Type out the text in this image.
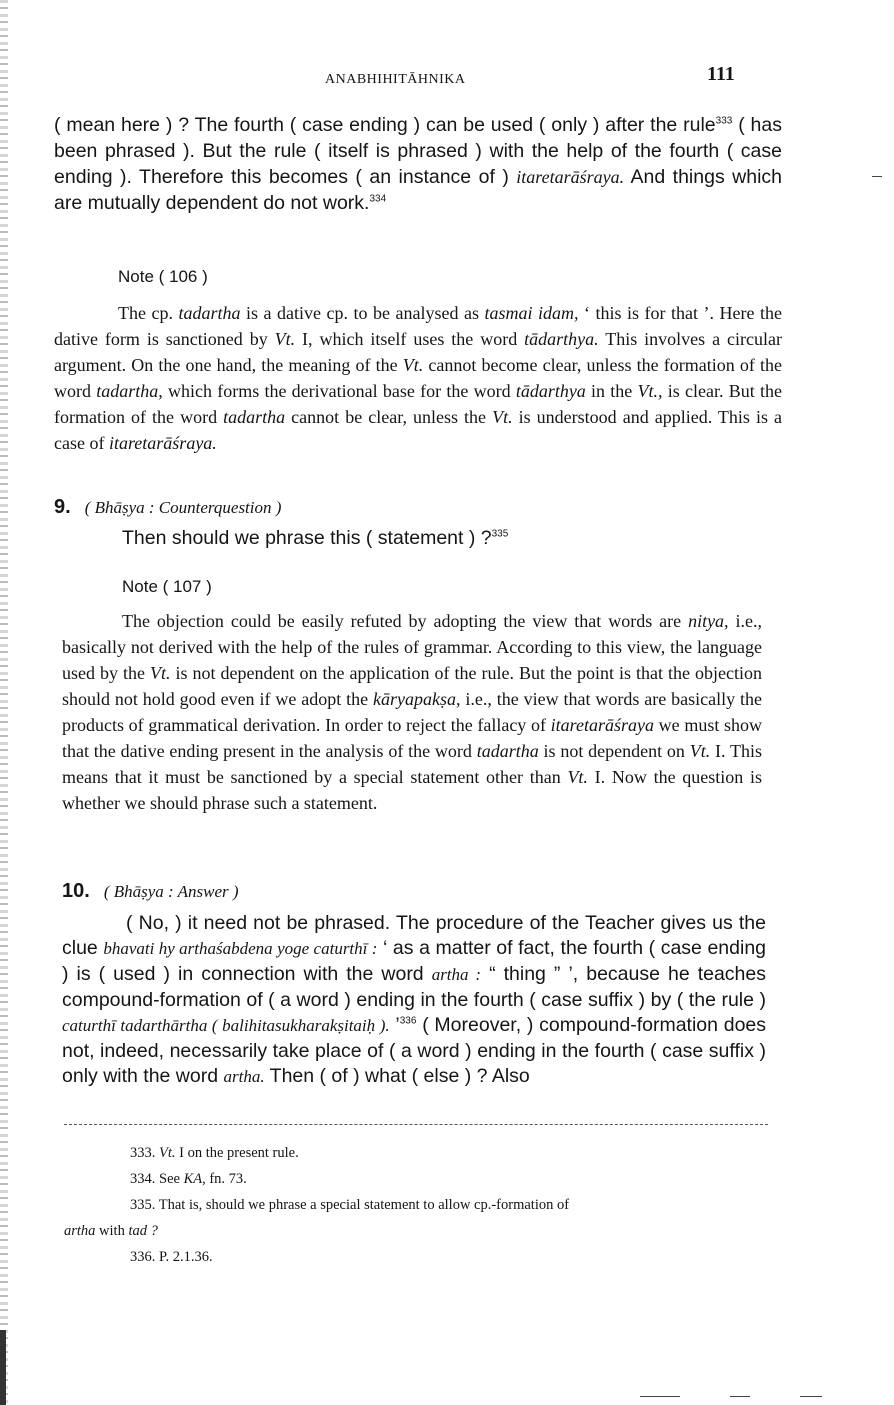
ANABHIHITĀHNIKA	111

( mean here ) ? The fourth ( case ending ) can be used ( only ) after the rule$^{333}$ ( has been phrased ). But the rule ( itself is phrased ) with the help of the fourth ( case ending ). Therefore this becomes ( an instance of ) itaretarāśraya. And things which are mutually dependent do not work.$^{334}$

Note ( 106 )

The cp. tadartha is a dative cp. to be analysed as tasmai idam, ‘ this is for that ’. Here the dative form is sanctioned by Vt. I, which itself uses the word tādarthya. This involves a circular argument. On the one hand, the meaning of the Vt. cannot become clear, unless the formation of the word tadartha, which forms the derivational base for the word tādarthya in the Vt., is clear. But the formation of the word tadartha cannot be clear, unless the Vt. is understood and applied. This is a case of itaretarāśraya.

9. ( Bhāṣya : Counterquestion )

Then should we phrase this ( statement ) ?$^{335}$

Note ( 107 )

The objection could be easily refuted by adopting the view that words are nitya, i.e., basically not derived with the help of the rules of grammar. According to this view, the language used by the Vt. is not dependent on the application of the rule. But the point is that the objection should not hold good even if we adopt the kāryapakṣa, i.e., the view that words are basically the products of grammatical derivation. In order to reject the fallacy of itaretarāśraya we must show that the dative ending present in the analysis of the word tadartha is not dependent on Vt. I. This means that it must be sanctioned by a special statement other than Vt. I. Now the question is whether we should phrase such a statement.

10. ( Bhāṣya : Answer )

( No, ) it need not be phrased. The procedure of the Teacher gives us the clue bhavati hy arthaśabdena yoge caturthī : ‘ as a matter of fact, the fourth ( case ending ) is ( used ) in connection with the word artha : “ thing ” ’, because he teaches compound-formation of ( a word ) ending in the fourth ( case suffix ) by ( the rule ) caturthī tadarthārtha ( balihitasukharakṣitaiḥ ). ’$^{336}$ ( Moreover, ) compound-formation does not, indeed, necessarily take place of ( a word ) ending in the fourth ( case suffix ) only with the word artha. Then ( of ) what ( else ) ? Also

333. Vt. I on the present rule.
334. See KA, fn. 73.
335. That is, should we phrase a special statement to allow cp.-formation of
artha with tad ?
336. P. 2.1.36.
